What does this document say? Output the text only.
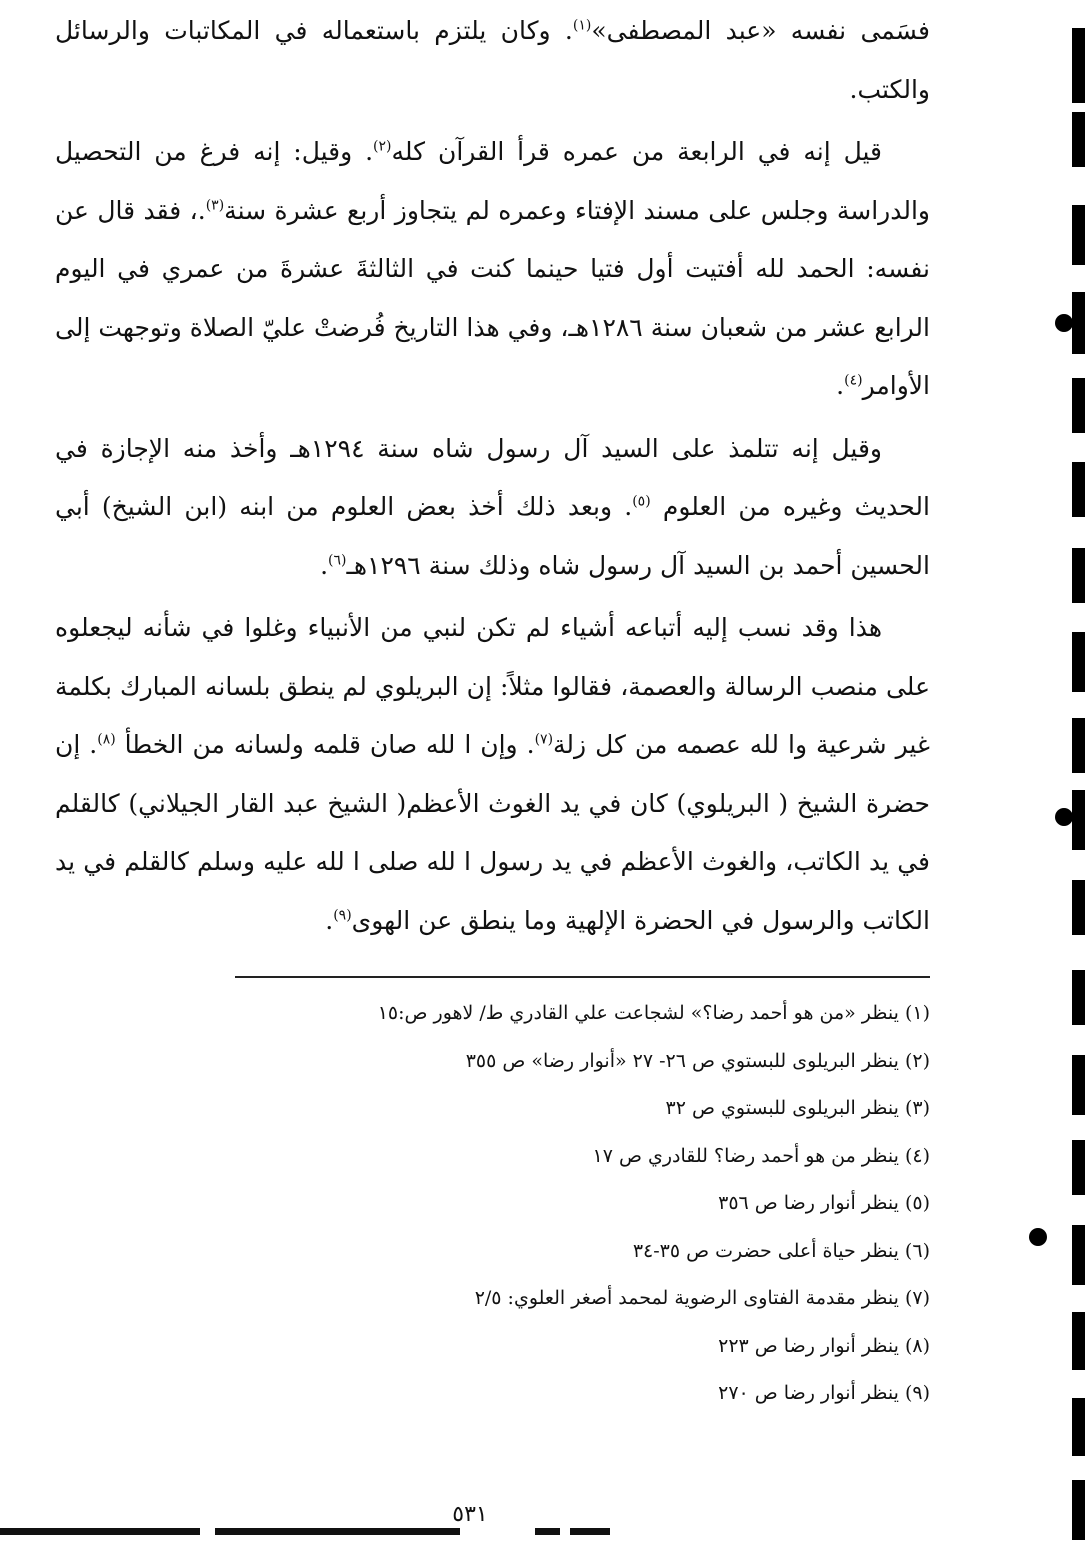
فسَمى نفسه «عبد المصطفى»$^{(١)}$. وكان يلتزم باستعماله في المكاتبات والرسائل والكتب.

قيل إنه في الرابعة من عمره قرأ القرآن كله$^{(٢)}$. وقيل: إنه فرغ من التحصيل والدراسة وجلس على مسند الإفتاء وعمره لم يتجاوز أربع عشرة سنة$^{(٣)}$.، فقد قال عن نفسه: الحمد لله أفتيت أول فتيا حينما كنت في الثالثةَ عشرةَ من عمري في اليوم الرابع عشر من شعبان سنة ١٢٨٦هـ، وفي هذا التاريخ فُرضتْ عليّ الصلاة وتوجهت إلى الأوامر$^{(٤)}$.

وقيل إنه تتلمذ على السيد آل رسول شاه سنة ١٢٩٤هـ وأخذ منه الإجازة في الحديث وغيره من العلوم $^{(٥)}$. وبعد ذلك أخذ بعض العلوم من ابنه (ابن الشيخ) أبي الحسين أحمد بن السيد آل رسول شاه وذلك سنة ١٢٩٦هـ$^{(٦)}$.

هذا وقد نسب إليه أتباعه أشياء لم تكن لنبي من الأنبياء وغلوا في شأنه ليجعلوه على منصب الرسالة والعصمة، فقالوا مثلاً: إن البريلوي لم ينطق بلسانه المبارك بكلمة غير شرعية وا لله عصمه من كل زلة$^{(٧)}$. وإن ا لله صان قلمه ولسانه من الخطأ $^{(٨)}$. إن حضرة الشيخ ( البريلوي) كان في يد الغوث الأعظم( الشيخ عبد القار الجيلاني) كالقلم في يد الكاتب، والغوث الأعظم في يد رسول ا لله صلى ا لله عليه وسلم كالقلم في يد الكاتب والرسول في الحضرة الإلهية وما ينطق عن الهوى$^{(٩)}$.

(١) ينظر «من هو أحمد رضا؟» لشجاعت علي القادري ط/ لاهور ص:١٥

(٢) ينظر البريلوى للبستوي ص ٢٦- ٢٧ «أنوار رضا» ص ٣٥٥

(٣) ينظر البريلوى للبستوي ص ٣٢

(٤) ينظر من هو أحمد رضا؟ للقادري ص ١٧

(٥) ينظر أنوار رضا ص ٣٥٦

(٦) ينظر حياة أعلى حضرت ص ٣٥-٣٤

(٧) ينظر مقدمة الفتاوى الرضوية لمحمد أصغر العلوي: ٢/٥

(٨) ينظر أنوار رضا ص ٢٢٣

(٩) ينظر أنوار رضا ص ٢٧٠

٥٣١
